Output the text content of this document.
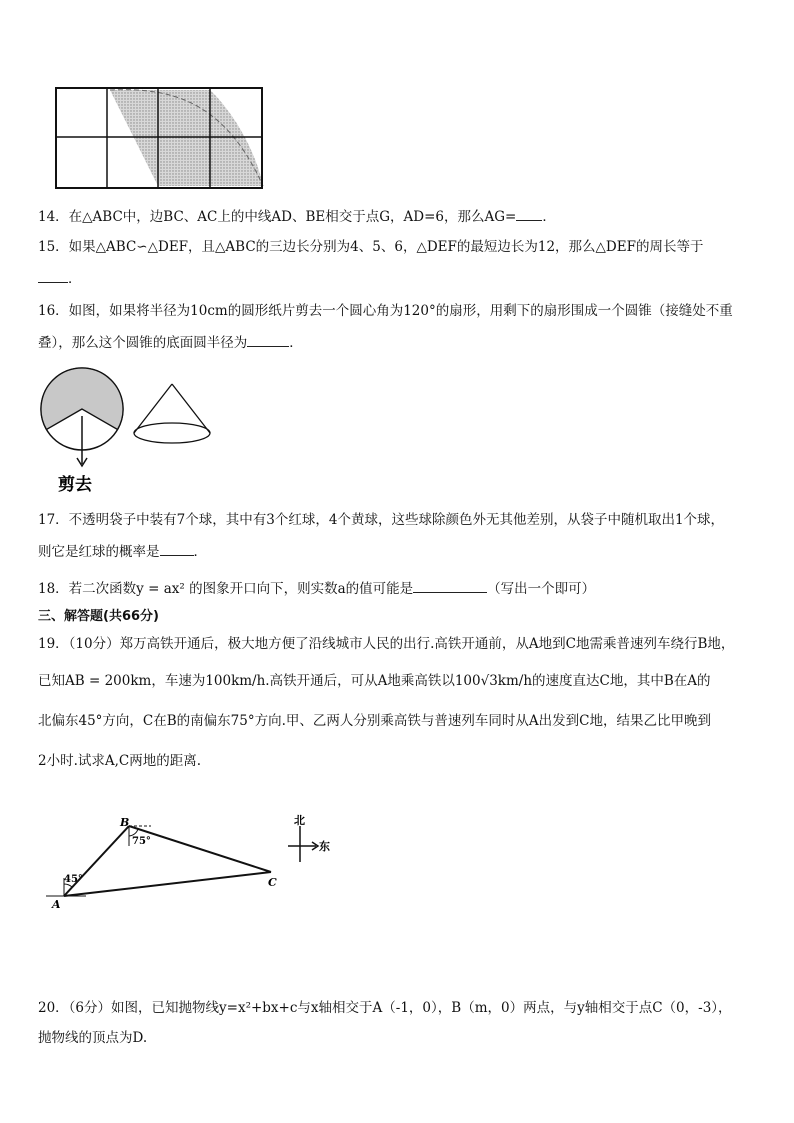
14．在△ABC中，边BC、AC上的中线AD、BE相交于点G，AD=6，那么AG= ．
15．如果△ABC∽△DEF，且△ABC的三边长分别为4、5、6，△DEF的最短边长为12，那么△DEF的周长等于
．
16．如图，如果将半径为10cm的圆形纸片剪去一个圆心角为120°的扇形，用剩下的扇形围成一个圆锥（接缝处不重
叠），那么这个圆锥的底面圆半径为	．
剪去
17．不透明袋子中装有7个球，其中有3个红球，4个黄球，这些球除颜色外无其他差别，从袋子中随机取出1个球，
则它是红球的概率是	．
18．若二次函数y = ax² 的图象开口向下，则实数a的值可能是	（写出一个即可）
三、解答题(共66分)
19．（10分）郑万高铁开通后，极大地方便了沿线城市人民的出行.高铁开通前，从A地到C地需乘普速列车绕行B地，
已知AB = 200km，车速为100km/h.高铁开通后，可从A地乘高铁以100√3km/h的速度直达C地，其中B在A的
北偏东45°方向，C在B的南偏东75°方向.甲、乙两人分别乘高铁与普速列车同时从A出发到C地，结果乙比甲晚到
2小时.试求A,C两地的距离.
A
B
C
45°
75°
北
东
20．（6分）如图，已知抛物线y=x²+bx+c与x轴相交于A（-1，0），B（m，0）两点，与y轴相交于点C（0，-3），
抛物线的顶点为D.
